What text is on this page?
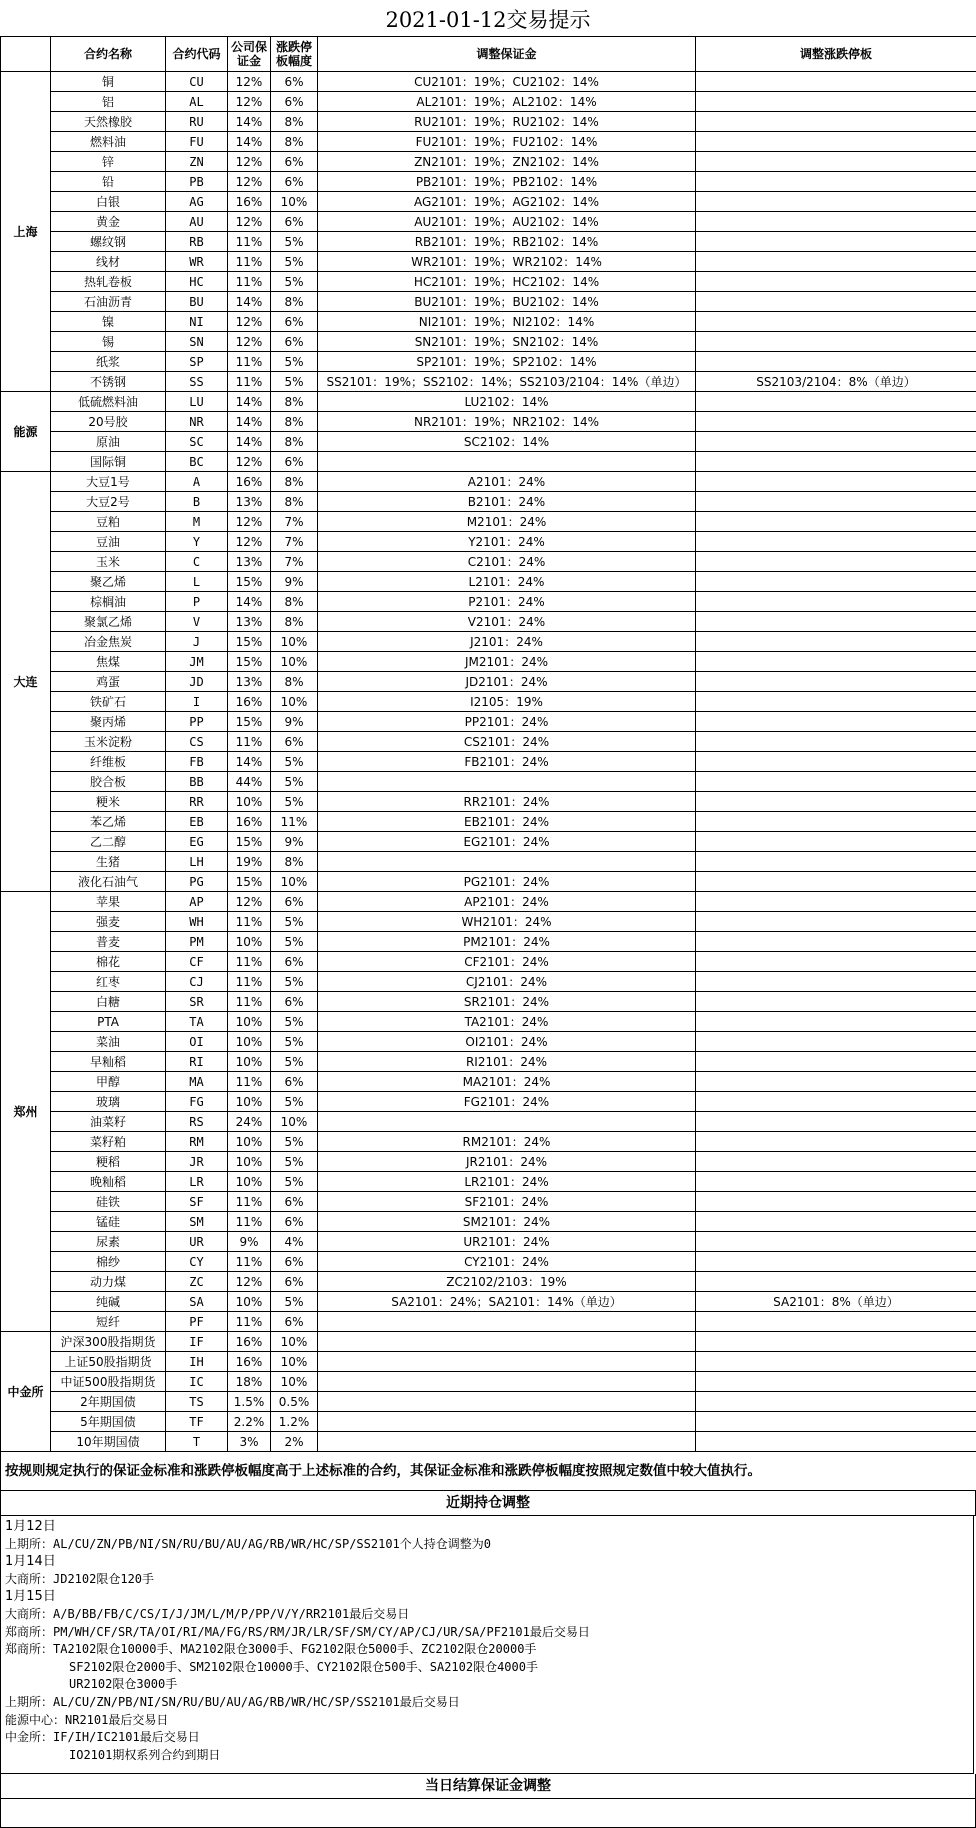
2021-01-12交易提示
	合约名称	合约代码	公司保证金	涨跌停板幅度	调整保证金	调整涨跌停板
上海	铜	CU	12%	6%	CU2101：19%；CU2102：14%	
	铝	AL	12%	6%	AL2101：19%；AL2102：14%	
	天然橡胶	RU	14%	8%	RU2101：19%；RU2102：14%	
	燃料油	FU	14%	8%	FU2101：19%；FU2102：14%	
	锌	ZN	12%	6%	ZN2101：19%；ZN2102：14%	
	铅	PB	12%	6%	PB2101：19%；PB2102：14%	
	白银	AG	16%	10%	AG2101：19%；AG2102：14%	
	黄金	AU	12%	6%	AU2101：19%；AU2102：14%	
	螺纹钢	RB	11%	5%	RB2101：19%；RB2102：14%	
	线材	WR	11%	5%	WR2101：19%；WR2102：14%	
	热轧卷板	HC	11%	5%	HC2101：19%；HC2102：14%	
	石油沥青	BU	14%	8%	BU2101：19%；BU2102：14%	
	镍	NI	12%	6%	NI2101：19%；NI2102：14%	
	锡	SN	12%	6%	SN2101：19%；SN2102：14%	
	纸浆	SP	11%	5%	SP2101：19%；SP2102：14%	
	不锈钢	SS	11%	5%	SS2101：19%；SS2102：14%；SS2103/2104：14%（单边）	SS2103/2104：8%（单边）
能源	低硫燃料油	LU	14%	8%	LU2102：14%	
	20号胶	NR	14%	8%	NR2101：19%；NR2102：14%	
	原油	SC	14%	8%	SC2102：14%	
	国际铜	BC	12%	6%		
大连	大豆1号	A	16%	8%	A2101：24%	
	大豆2号	B	13%	8%	B2101：24%	
	豆粕	M	12%	7%	M2101：24%	
	豆油	Y	12%	7%	Y2101：24%	
	玉米	C	13%	7%	C2101：24%	
	聚乙烯	L	15%	9%	L2101：24%	
	棕榈油	P	14%	8%	P2101：24%	
	聚氯乙烯	V	13%	8%	V2101：24%	
	冶金焦炭	J	15%	10%	J2101：24%	
	焦煤	JM	15%	10%	JM2101：24%	
	鸡蛋	JD	13%	8%	JD2101：24%	
	铁矿石	I	16%	10%	I2105：19%	
	聚丙烯	PP	15%	9%	PP2101：24%	
	玉米淀粉	CS	11%	6%	CS2101：24%	
	纤维板	FB	14%	5%	FB2101：24%	
	胶合板	BB	44%	5%		
	粳米	RR	10%	5%	RR2101：24%	
	苯乙烯	EB	16%	11%	EB2101：24%	
	乙二醇	EG	15%	9%	EG2101：24%	
	生猪	LH	19%	8%		
	液化石油气	PG	15%	10%	PG2101：24%	
郑州	苹果	AP	12%	6%	AP2101：24%	
	强麦	WH	11%	5%	WH2101：24%	
	普麦	PM	10%	5%	PM2101：24%	
	棉花	CF	11%	6%	CF2101：24%	
	红枣	CJ	11%	5%	CJ2101：24%	
	白糖	SR	11%	6%	SR2101：24%	
	PTA	TA	10%	5%	TA2101：24%	
	菜油	OI	10%	5%	OI2101：24%	
	早籼稻	RI	10%	5%	RI2101：24%	
	甲醇	MA	11%	6%	MA2101：24%	
	玻璃	FG	10%	5%	FG2101：24%	
	油菜籽	RS	24%	10%		
	菜籽粕	RM	10%	5%	RM2101：24%	
	粳稻	JR	10%	5%	JR2101：24%	
	晚籼稻	LR	10%	5%	LR2101：24%	
	硅铁	SF	11%	6%	SF2101：24%	
	锰硅	SM	11%	6%	SM2101：24%	
	尿素	UR	9%	4%	UR2101：24%	
	棉纱	CY	11%	6%	CY2101：24%	
	动力煤	ZC	12%	6%	ZC2102/2103：19%	
	纯碱	SA	10%	5%	SA2101：24%；SA2101：14%（单边）	SA2101：8%（单边）
	短纤	PF	11%	6%		
中金所	沪深300股指期货	IF	16%	10%		
	上证50股指期货	IH	16%	10%		
	中证500股指期货	IC	18%	10%		
	2年期国债	TS	1.5%	0.5%		
	5年期国债	TF	2.2%	1.2%		
	10年期国债	T	3%	2%		
按规则规定执行的保证金标准和涨跌停板幅度高于上述标准的合约，其保证金标准和涨跌停板幅度按照规定数值中较大值执行。
近期持仓调整
1月12日
上期所：AL/CU/ZN/PB/NI/SN/RU/BU/AU/AG/RB/WR/HC/SP/SS2101个人持仓调整为0
1月14日
大商所：JD2102限仓120手
1月15日
大商所：A/B/BB/FB/C/CS/I/J/JM/L/M/P/PP/V/Y/RR2101最后交易日
郑商所：PM/WH/CF/SR/TA/OI/RI/MA/FG/RS/RM/JR/LR/SF/SM/CY/AP/CJ/UR/SA/PF2101最后交易日
郑商所：TA2102限仓10000手、MA2102限仓3000手、FG2102限仓5000手、ZC2102限仓20000手
SF2102限仓2000手、SM2102限仓10000手、CY2102限仓500手、SA2102限仓4000手
UR2102限仓3000手
上期所：AL/CU/ZN/PB/NI/SN/RU/BU/AU/AG/RB/WR/HC/SP/SS2101最后交易日
能源中心：NR2101最后交易日
中金所：IF/IH/IC2101最后交易日
IO2101期权系列合约到期日
当日结算保证金调整
